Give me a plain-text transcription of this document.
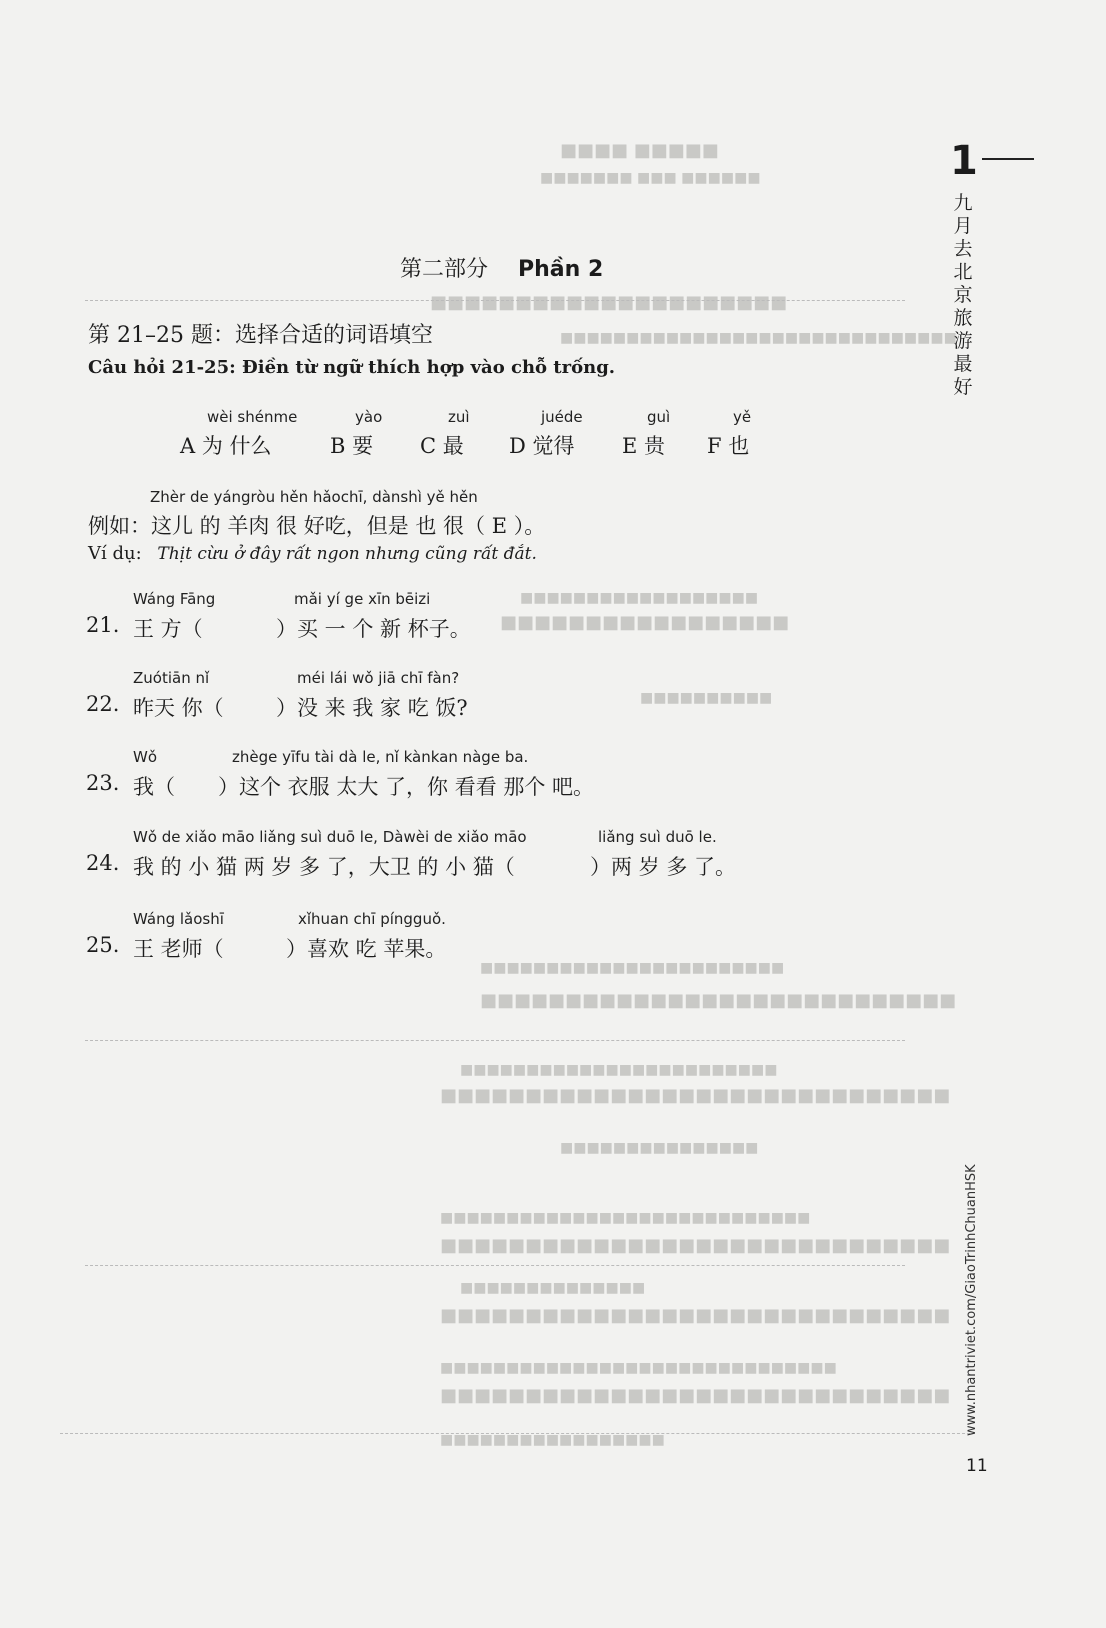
■■■■ ■■■■■
■■■■■■■ ■■■ ■■■■■■
■■■■■■■■■■■■■■■■■■■■■
■■■■■■■■■■■■■■■■■■■■■■■■■■■■■■
■■■■■■■■■■■■■■■■■■
■■■■■■■■■■■■■■■■■
■■■■■■■■■■
■■■■■■■■■■■■■■■■■■■■■■■
■■■■■■■■■■■■■■■■■■■■■■■■■■■■
■■■■■■■■■■■■■■■■■■■■■■■■
■■■■■■■■■■■■■■■■■■■■■■■■■■■■■■
■■■■■■■■■■■■■■■
■■■■■■■■■■■■■■■■■■■■■■■■■■■■
■■■■■■■■■■■■■■■■■■■■■■■■■■■■■■
■■■■■■■■■■■■■■
■■■■■■■■■■■■■■■■■■■■■■■■■■■■■■
■■■■■■■■■■■■■■■■■■■■■■■■■■■■■■
■■■■■■■■■■■■■■■■■■■■■■■■■■■■■■
■■■■■■■■■■■■■■■■■
1
九
月
去
北
京
旅
游
最
好
www.nhantriviet.com/GiaoTrinhChuanHSK
11
第二部分 Phần 2
第 21–25 题：选择合适的词语填空
Câu hỏi 21-25: Điền từ ngữ thích hợp vào chỗ trống.
wèi shénme
A 为 什么
yào
B 要
zuì
C 最
juéde
D 觉得
guì
E 贵
yě
F 也
Zhèr de yángròu hěn hǎochī, dànshì yě hěn
例如：这儿 的 羊肉 很 好吃，但是 也 很（ E ）。
Ví dụ: Thịt cừu ở đây rất ngon nhưng cũng rất đắt.
Wáng Fāng	mǎi yí ge xīn bēizi
21. 王 方（	）买 一 个 新 杯子。
Zuótiān nǐ	méi lái wǒ jiā chī fàn?
22. 昨天 你（ ）没 来 我 家 吃 饭?
Wǒ	zhège yīfu tài dà le, nǐ kànkan nàge ba.
23. 我（ ）这个 衣服 太大 了，你 看看 那个 吧。
Wǒ de xiǎo māo liǎng suì duō le, Dàwèi de xiǎo māo	liǎng suì duō le.
24. 我 的 小 猫 两 岁 多 了，大卫 的 小 猫（	）两 岁 多 了。
Wáng lǎoshī	xǐhuan chī píngguǒ.
25. 王 老师（	）喜欢 吃 苹果。
